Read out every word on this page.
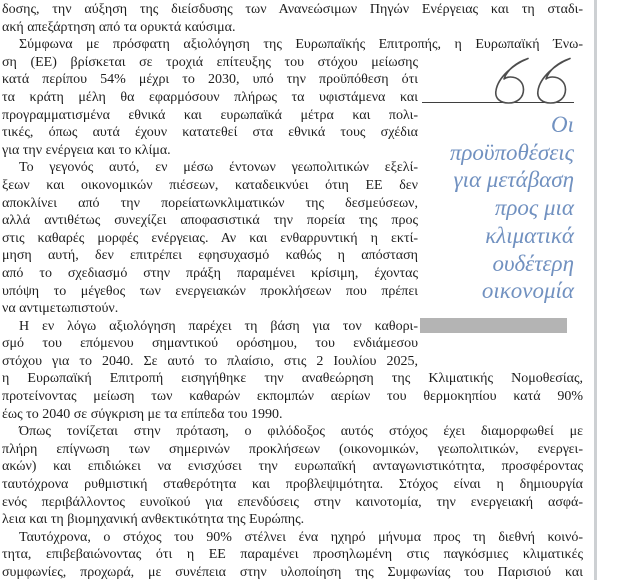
δοσης, την αύξηση της διείσδυσης των Ανανεώσιμων Πηγών Ενέργειας και τη σταδι-
ακή απεξάρτηση από τα ορυκτά καύσιμα.
Σύμφωνα με πρόσφατη αξιολόγηση της Ευρωπαϊκής Επιτροπής, η Ευρωπαϊκή Ένω-
ση (ΕΕ) βρίσκεται σε τροχιά επίτευξης του στόχου μείωσης
κατά περίπου 54% μέχρι το 2030, υπό την προϋπόθεση ότι
τα κράτη μέλη θα εφαρμόσουν πλήρως τα υφιστάμενα και
προγραμματισμένα εθνικά και ευρωπαϊκά μέτρα και πολι-
τικές, όπως αυτά έχουν κατατεθεί στα εθνικά τους σχέδια
για την ενέργεια και το κλίμα.
Το γεγονός αυτό, εν μέσω έντονων γεωπολιτικών εξελί-
ξεων και οικονομικών πιέσεων, καταδεικνύει ότιη ΕΕ δεν
αποκλίνει από την πορείατωνκλιματικών της δεσμεύσεων,
αλλά αντιθέτως συνεχίζει αποφασιστικά την πορεία της προς
στις καθαρές μορφές ενέργειας. Αν και ενθαρρυντική η εκτί-
μηση αυτή, δεν επιτρέπει εφησυχασμό καθώς η απόσταση
από το σχεδιασμό στην πράξη παραμένει κρίσιμη, έχοντας
υπόψη το μέγεθος των ενεργειακών προκλήσεων που πρέπει
να αντιμετωπιστούν.
Η εν λόγω αξιολόγηση παρέχει τη βάση για τον καθορι-
σμό του επόμενου σημαντικού ορόσημου, του ενδιάμεσου
στόχου για το 2040. Σε αυτό το πλαίσιο, στις 2 Ιουλίου 2025,
η Ευρωπαϊκή Επιτροπή εισηγήθηκε την αναθεώρηση της Κλιματικής Νομοθεσίας,
προτείνοντας μείωση των καθαρών εκπομπών αερίων του θερμοκηπίου κατά 90%
έως το 2040 σε σύγκριση με τα επίπεδα του 1990.
Όπως τονίζεται στην πρόταση, ο φιλόδοξος αυτός στόχος έχει διαμορφωθεί με
πλήρη επίγνωση των σημερινών προκλήσεων (οικονομικών, γεωπολιτικών, ενεργει-
ακών) και επιδιώκει να ενισχύσει την ευρωπαϊκή ανταγωνιστικότητα, προσφέροντας
ταυτόχρονα ρυθμιστική σταθερότητα και προβλεψιμότητα. Στόχος είναι η δημιουργία
ενός περιβάλλοντος ευνοϊκού για επενδύσεις στην καινοτομία, την ενεργειακή ασφά-
λεια και τη βιομηχανική ανθεκτικότητα της Ευρώπης.
Ταυτόχρονα, ο στόχος του 90% στέλνει ένα ηχηρό μήνυμα προς τη διεθνή κοινό-
τητα, επιβεβαιώνοντας ότι η ΕΕ παραμένει προσηλωμένη στις παγκόσμιες κλιματικές
συμφωνίες, προχωρά, με συνέπεια στην υλοποίηση της Συμφωνίας του Παρισιού και
Οι
προϋποθέσεις
για μετάβαση
προς μια
κλιματικά
ουδέτερη
οικονομία
